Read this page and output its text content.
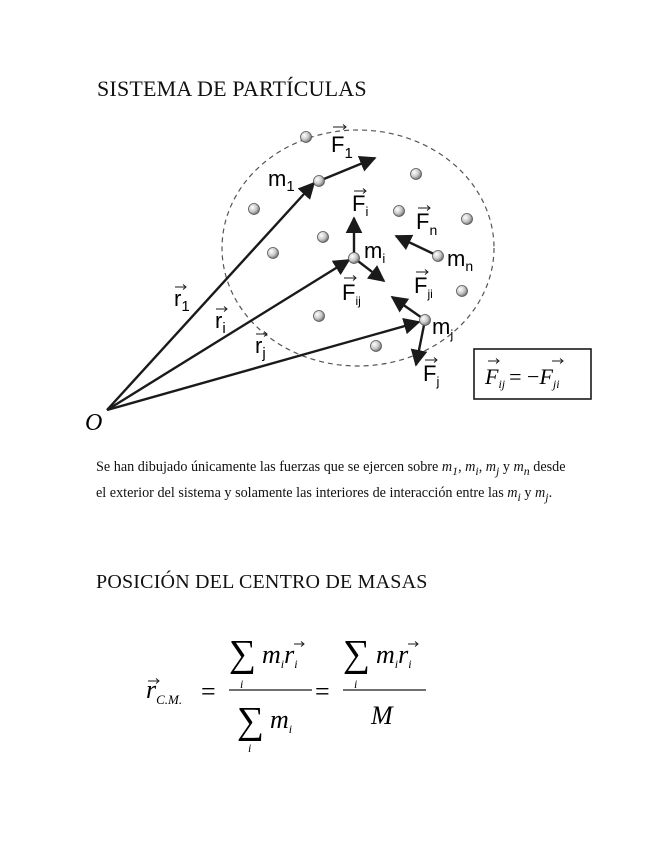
SISTEMA DE PARTÍCULAS
O
$r_1$
$r_i$
$r_j$
$F_1$
$F_i$ $F_n$
$F_{ij}$
$F_{ji}$
$F_j$
$m_1$
$m_i$
$m_j$
$m_n$
Fij = −Fji
$r_{C.M.}$ =
∑
i
miri
∑
i
mi
=
∑
i
miri
M

Se han dibujado únicamente las fuerzas que se ejercen sobre $m_1$, $m_i$, $m_j$ y $m_n$ desde el exterior del sistema y solamente las interiores de interacción entre las $m_i$ y $m_j$.

POSICIÓN DEL CENTRO DE MASAS
